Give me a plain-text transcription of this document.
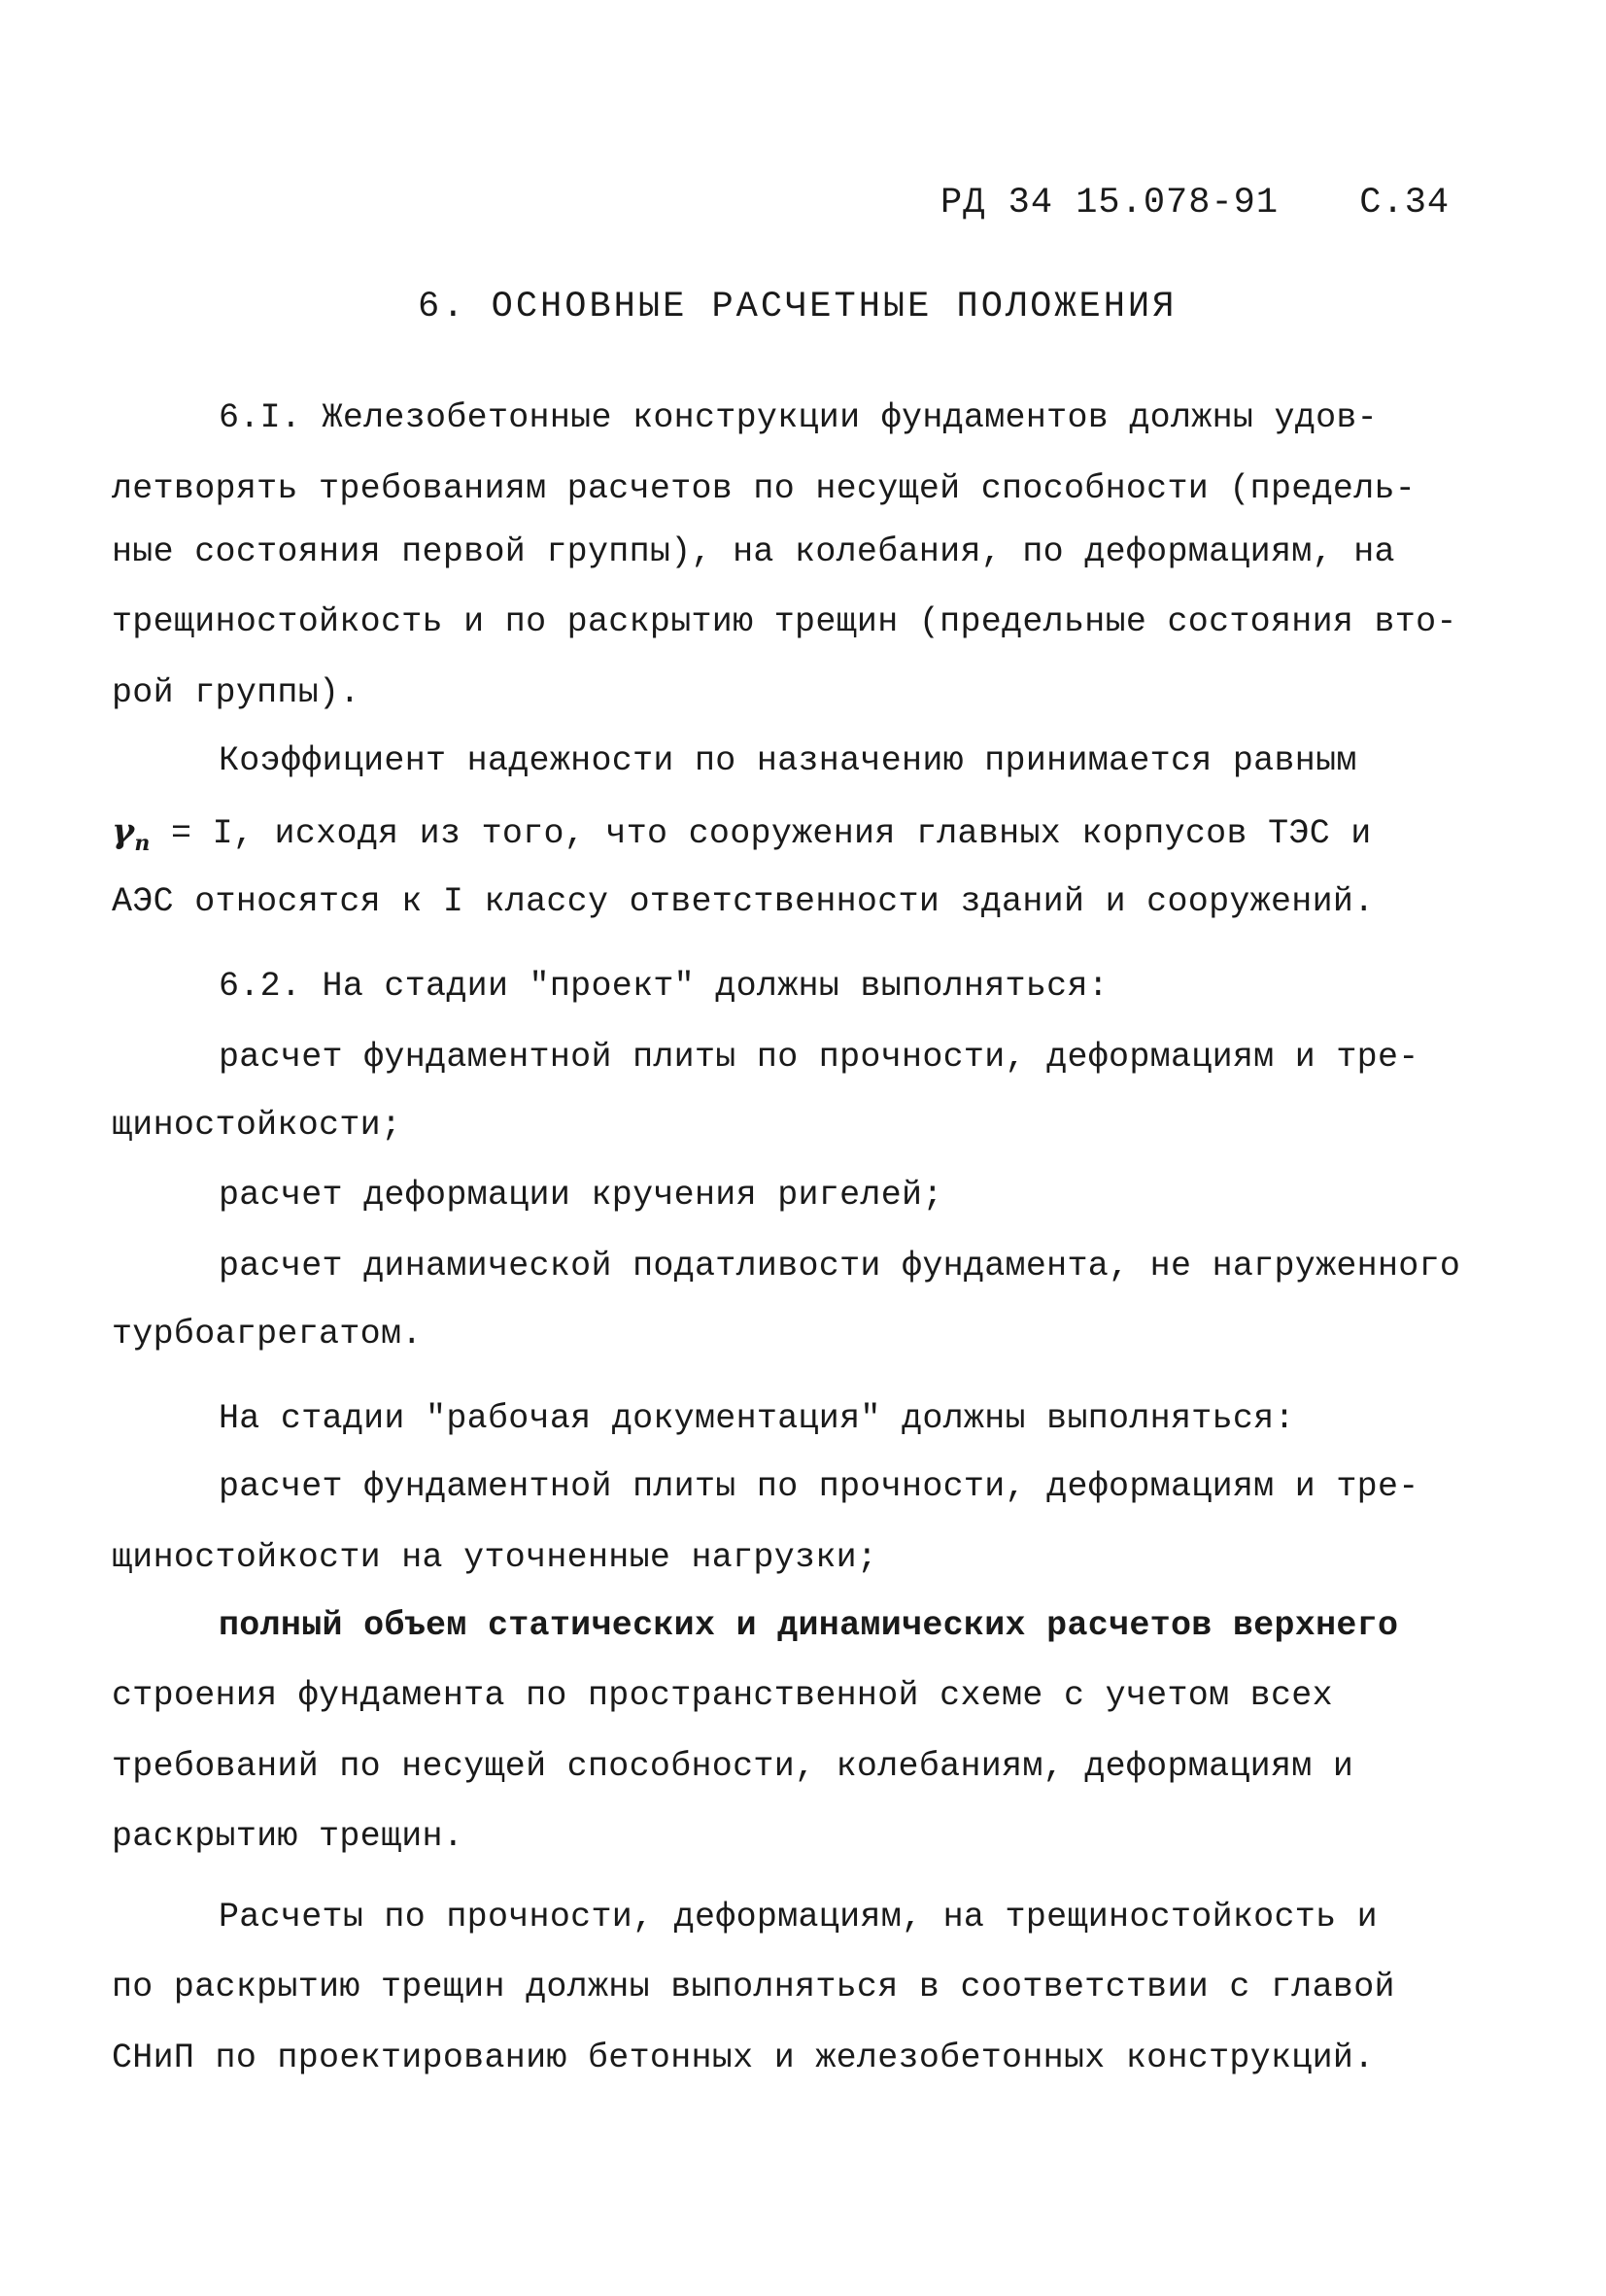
РД 34 15.078-91 С.34
6. ОСНОВНЫЕ РАСЧЕТНЫЕ ПОЛОЖЕНИЯ
6.I. Железобетонные конструкции фундаментов должны удов-
летворять требованиям расчетов по несущей способности (предель-
ные состояния первой группы), на колебания, по деформациям, на
трещиностойкость и по раскрытию трещин (предельные состояния вто-
рой группы).
Коэффициент надежности по назначению принимается равным
$\gamma_n = I$, исходя из того, что сооружения главных корпусов ТЭС и
АЭС относятся к I классу ответственности зданий и сооружений.
6.2. На стадии "проект" должны выполняться:
расчет фундаментной плиты по прочности, деформациям и тре-
щиностойкости;
расчет деформации кручения ригелей;
расчет динамической податливости фундамента, не нагруженного
турбоагрегатом.
На стадии "рабочая документация" должны выполняться:
расчет фундаментной плиты по прочности, деформациям и тре-
щиностойкости на уточненные нагрузки;
полный объем статических и динамических расчетов верхнего
строения фундамента по пространственной схеме с учетом всех
требований по несущей способности, колебаниям, деформациям и
раскрытию трещин.
Расчеты по прочности, деформациям, на трещиностойкость и
по раскрытию трещин должны выполняться в соответствии с главой
СНиП по проектированию бетонных и железобетонных конструкций.
